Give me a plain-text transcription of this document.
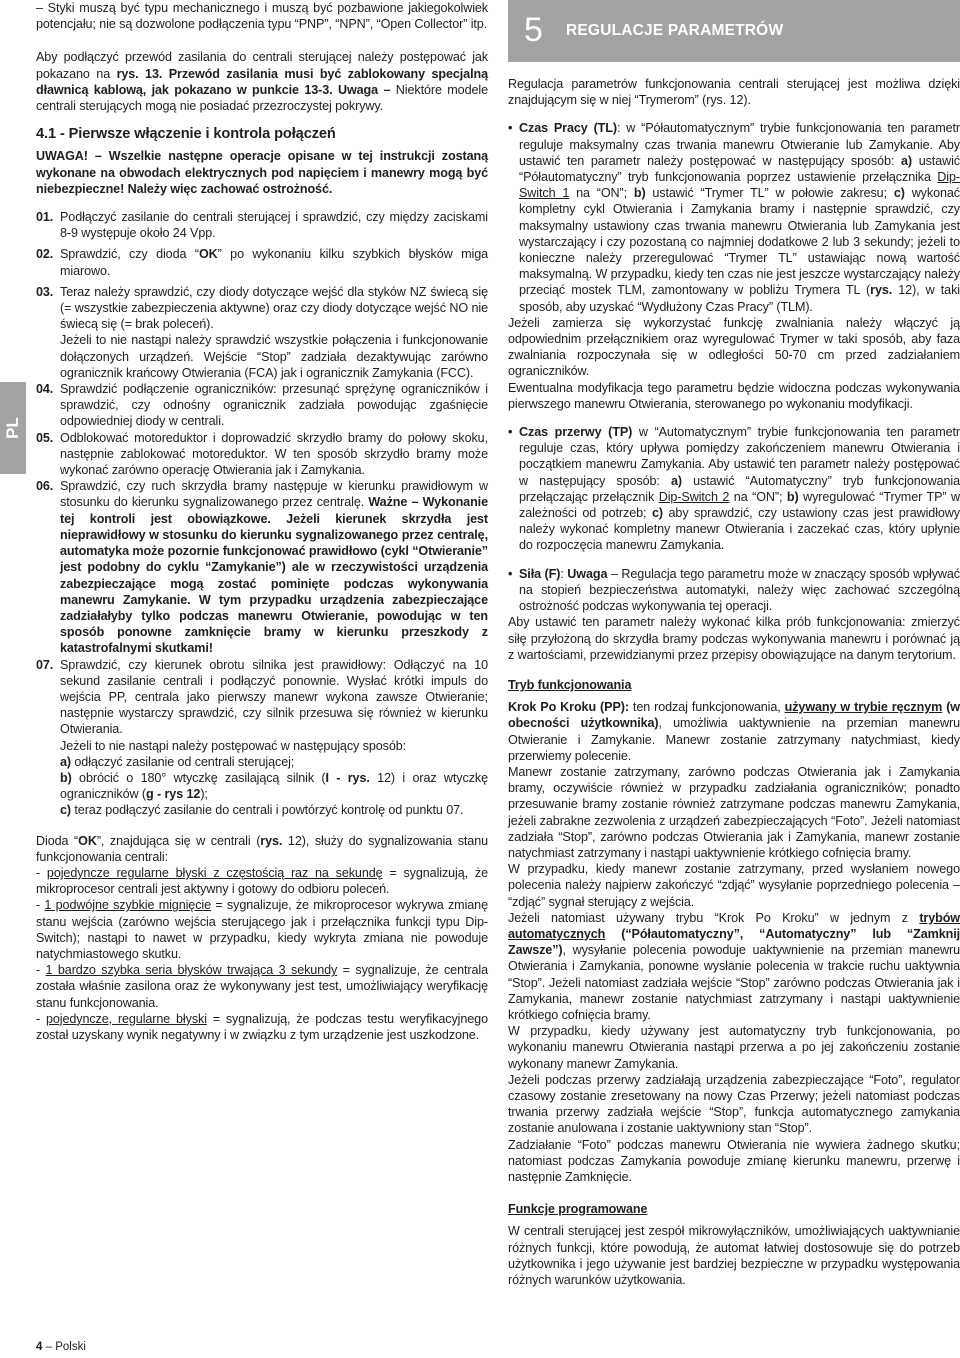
5 REGULACJE PARAMETRÓW
PL

– Styki muszą być typu mechanicznego i muszą być pozbawione jakiegokolwiek potencjału; nie są dozwolone podłączenia typu “PNP”, “NPN”, “Open Collector” itp.

Aby podłączyć przewód zasilania do centrali sterującej należy postępować jak pokazano na rys. 13. Przewód zasilania musi być zablokowany specjalną dławnicą kablową, jak pokazano w punkcie 13-3. Uwaga – Niektóre modele centrali sterujących mogą nie posiadać przezroczystej pokrywy.

4.1 - Pierwsze włączenie i kontrola połączeń

UWAGA! – Wszelkie następne operacje opisane w tej instrukcji zostaną wykonane na obwodach elektrycznych pod napięciem i manewry mogą być niebezpieczne! Należy więc zachować ostrożność.

01. Podłączyć zasilanie do centrali sterującej i sprawdzić, czy między zaciskami 8-9 występuje około 24 Vpp.
02. Sprawdzić, czy dioda “OK” po wykonaniu kilku szybkich błysków miga miarowo.
03. Teraz należy sprawdzić, czy diody dotyczące wejść dla styków NZ świecą się (= wszystkie zabezpieczenia aktywne) oraz czy diody dotyczące wejść NO nie świecą się (= brak poleceń).

Jeżeli to nie nastąpi należy sprawdzić wszystkie połączenia i funkcjonowanie dołączonych urządzeń. Wejście “Stop” zadziała dezaktywując zarówno ogranicznik krańcowy Otwierania (FCA) jak i ogranicznik Zamykania (FCC).

04. Sprawdzić podłączenie ograniczników: przesunąć sprężynę ograniczników i sprawdzić, czy odnośny ogranicznik zadziała powodując zgaśnięcie odpowiedniej diody w centrali.
05. Odblokować motoreduktor i doprowadzić skrzydło bramy do połowy skoku, następnie zablokować motoreduktor. W ten sposób skrzydło bramy może wykonać zarówno operację Otwierania jak i Zamykania.
06. Sprawdzić, czy ruch skrzydła bramy następuje w kierunku prawidłowym w stosunku do kierunku sygnalizowanego przez centralę. Ważne – Wykonanie tej kontroli jest obowiązkowe. Jeżeli kierunek skrzydła jest nieprawidłowy w stosunku do kierunku sygnalizowanego przez centralę, automatyka może pozornie funkcjonować prawidłowo (cykl “Otwieranie” jest podobny do cyklu “Zamykanie”) ale w rzeczywistości urządzenia zabezpieczające mogą zostać pominięte podczas wykonywania manewru Zamykanie. W tym przypadku urządzenia zabezpieczające zadziałałyby tylko podczas manewru Otwieranie, powodując w ten sposób ponowne zamknięcie bramy w kierunku przeszkody z katastrofalnymi skutkami!
07. Sprawdzić, czy kierunek obrotu silnika jest prawidłowy: Odłączyć na 10 sekund zasilanie centrali i podłączyć ponownie. Wysłać krótki impuls do wejścia PP, centrala jako pierwszy manewr wykona zawsze Otwieranie; następnie wystarczy sprawdzić, czy silnik przesuwa się również w kierunku Otwierania.

Jeżeli to nie nastąpi należy postępować w następujący sposób:

a) odłączyć zasilanie od centrali sterującej;

b) obrócić o 180° wtyczkę zasilającą silnik (I - rys. 12) i oraz wtyczkę ograniczników (g - rys 12);

c) teraz podłączyć zasilanie do centrali i powtórzyć kontrolę od punktu 07.

Dioda “OK”, znajdująca się w centrali (rys. 12), służy do sygnalizowania stanu funkcjonowania centrali:

- pojedyncze regularne błyski z częstością raz na sekundę = sygnalizują, że mikroprocesor centrali jest aktywny i gotowy do odbioru poleceń.

- 1 podwójne szybkie mignięcie = sygnalizuje, że mikroprocesor wykrywa zmianę stanu wejścia (zarówno wejścia sterującego jak i przełącznika funkcji typu Dip-Switch); nastąpi to nawet w przypadku, kiedy wykryta zmiana nie powoduje natychmiastowego skutku.

- 1 bardzo szybka seria błysków trwająca 3 sekundy = sygnalizuje, że centrala została właśnie zasilona oraz że wykonywany jest test, umożliwiający weryfikację stanu funkcjonowania.

- pojedyncze, regularne błyski = sygnalizują, że podczas testu weryfikacyjnego został uzyskany wynik negatywny i w związku z tym urządzenie jest uszkodzone.

Regulacja parametrów funkcjonowania centrali sterującej jest możliwa dzięki znajdującym się w niej “Trymerom” (rys. 12).

• Czas Pracy (TL): w “Półautomatycznym” trybie funkcjonowania ten parametr reguluje maksymalny czas trwania manewru Otwieranie lub Zamykanie. Aby ustawić ten parametr należy postępować w następujący sposób: a) ustawić “Półautomatyczny” tryb funkcjonowania poprzez ustawienie przełącznika Dip-Switch 1 na “ON”; b) ustawić “Trymer TL” w połowie zakresu; c) wykonać kompletny cykl Otwierania i Zamykania bramy i następnie sprawdzić, czy maksymalny ustawiony czas trwania manewru Otwierania lub Zamykania jest wystarczający i czy pozostaną co najmniej dodatkowe 2 lub 3 sekundy; jeżeli to konieczne należy przeregulować “Trymer TL” ustawiając nową wartość maksymalną. W przypadku, kiedy ten czas nie jest jeszcze wystarczający należy przeciąć mostek TLM, zamontowany w pobliżu Trymera TL (rys. 12), w taki sposób, aby uzyskać “Wydłużony Czas Pracy” (TLM).

Jeżeli zamierza się wykorzystać funkcję zwalniania należy włączyć ją odpowiednim przełącznikiem oraz wyregulować Trymer w taki sposób, aby faza zwalniania rozpoczynała się w odległości 50-70 cm przed zadziałaniem ograniczników.

Ewentualna modyfikacja tego parametru będzie widoczna podczas wykonywania pierwszego manewru Otwierania, sterowanego po wykonaniu modyfikacji.

• Czas przerwy (TP) w “Automatycznym” trybie funkcjonowania ten parametr reguluje czas, który upływa pomiędzy zakończeniem manewru Otwierania i początkiem manewru Zamykania. Aby ustawić ten parametr należy postępować w następujący sposób: a) ustawić “Automatyczny” tryb funkcjonowania przełączając przełącznik Dip-Switch 2 na “ON”; b) wyregulować “Trymer TP” w zależności od potrzeb; c) aby sprawdzić, czy ustawiony czas jest prawidłowy należy wykonać kompletny manewr Otwierania i zaczekać czas, który upłynie do rozpoczęcia manewru Zamykania.

• Siła (F): Uwaga – Regulacja tego parametru może w znaczący sposób wpływać na stopień bezpieczeństwa automatyki, należy więc zachować szczególną ostrożność podczas wykonywania tej operacji.

Aby ustawić ten parametr należy wykonać kilka prób funkcjonowania: zmierzyć siłę przyłożoną do skrzydła bramy podczas wykonywania manewru i porównać ją z wartościami, przewidzianymi przez przepisy obowiązujące na danym terytorium.

Tryb funkcjonowania

Krok Po Kroku (PP): ten rodzaj funkcjonowania, używany w trybie ręcznym (w obecności użytkownika), umożliwia uaktywnienie na przemian manewru Otwieranie i Zamykanie. Manewr zostanie zatrzymany natychmiast, kiedy przerwiemy polecenie.

Manewr zostanie zatrzymany, zarówno podczas Otwierania jak i Zamykania bramy, oczywiście również w przypadku zadziałania ograniczników; ponadto przesuwanie bramy zostanie również zatrzymane podczas manewru Zamykania, jeżeli zabrakne zezwolenia z urządzeń zabezpieczających “Foto”. Jeżeli natomiast zadziała “Stop”, zarówno podczas Otwierania jak i Zamykania, manewr zostanie natychmiast zatrzymany i nastąpi uaktywnienie krótkiego cofnięcia bramy.

W przypadku, kiedy manewr zostanie zatrzymany, przed wysłaniem nowego polecenia należy najpierw zakończyć “zdjąć” wysyłanie poprzedniego polecenia – “zdjąć” sygnał sterujący z wejścia.

Jeżeli natomiast używany trybu “Krok Po Kroku” w jednym z trybów automatycznych (“Półautomatyczny”, “Automatyczny” lub “Zamknij Zawsze”), wysyłanie polecenia powoduje uaktywnienie na przemian manewru Otwierania i Zamykania, ponowne wysłanie polecenia w trakcie ruchu uaktywnia “Stop”. Jeżeli natomiast zadziała wejście “Stop” zarówno podczas Otwierania jak i Zamykania, manewr zostanie natychmiast zatrzymany i nastąpi uaktywnienie krótkiego cofnięcia bramy.

W przypadku, kiedy używany jest automatyczny tryb funkcjonowania, po wykonaniu manewru Otwierania nastąpi przerwa a po jej zakończeniu zostanie wykonany manewr Zamykania.

Jeżeli podczas przerwy zadziałają urządzenia zabezpieczające “Foto”, regulator czasowy zostanie zresetowany na nowy Czas Przerwy; jeżeli natomiast podczas trwania przerwy zadziała wejście “Stop”, funkcja automatycznego zamykania zostanie anulowana i zostanie uaktywniony stan “Stop”.

Zadziałanie “Foto” podczas manewru Otwierania nie wywiera żadnego skutku; natomiast podczas Zamykania powoduje zmianę kierunku manewru, przerwę i następnie Zamknięcie.

Funkcje programowane

W centrali sterującej jest zespół mikrowyłączników, umożliwiających uaktywnianie różnych funkcji, które powodują, że automat łatwiej dostosowuje się do potrzeb użytkownika i jego używanie jest bardziej bezpieczne w przypadku występowania różnych warunków użytkowania.

4 – Polski
